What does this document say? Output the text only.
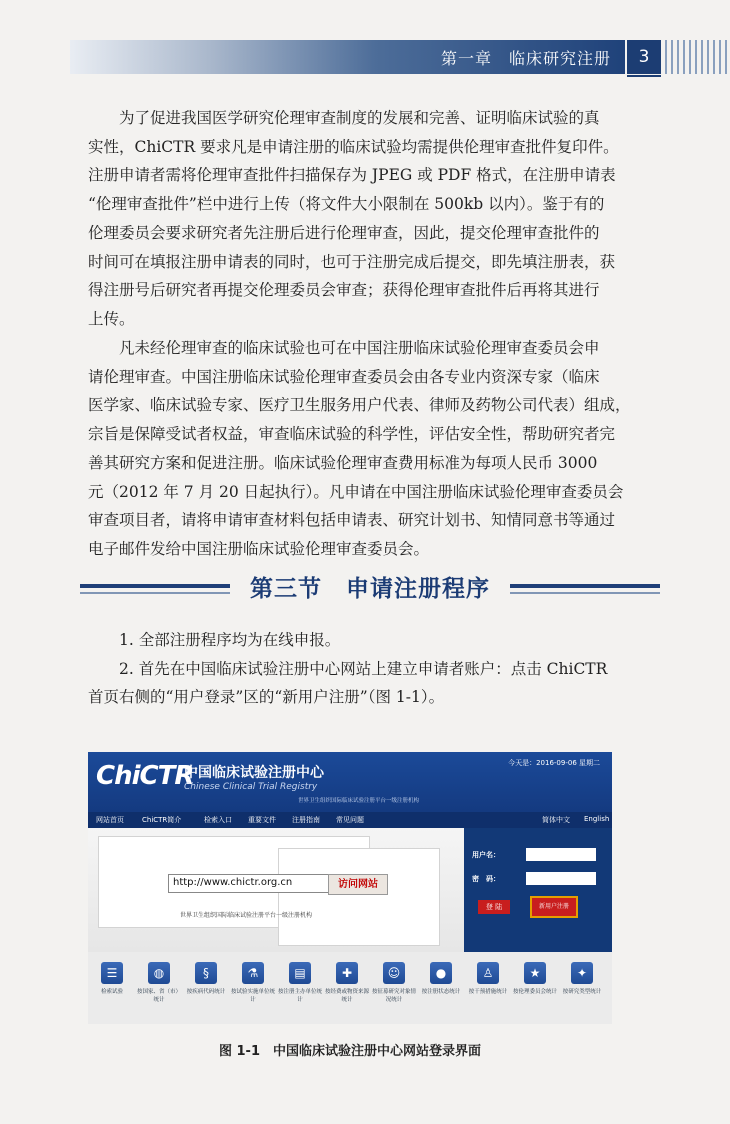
第一章　临床研究注册	3
　　为了促进我国医学研究伦理审查制度的发展和完善、证明临床试验的真
实性，ChiCTR 要求凡是申请注册的临床试验均需提供伦理审查批件复印件。
注册申请者需将伦理审查批件扫描保存为 JPEG 或 PDF 格式，在注册申请表
“伦理审查批件”栏中进行上传（将文件大小限制在 500kb 以内）。鉴于有的
伦理委员会要求研究者先注册后进行伦理审查，因此，提交伦理审查批件的
时间可在填报注册申请表的同时，也可于注册完成后提交，即先填注册表，获
得注册号后研究者再提交伦理委员会审查；获得伦理审查批件后再将其进行
上传。
　　凡未经伦理审查的临床试验也可在中国注册临床试验伦理审查委员会申
请伦理审查。中国注册临床试验伦理审查委员会由各专业内资深专家（临床
医学家、临床试验专家、医疗卫生服务用户代表、律师及药物公司代表）组成，
宗旨是保障受试者权益，审查临床试验的科学性，评估安全性，帮助研究者完
善其研究方案和促进注册。临床试验伦理审查费用标准为每项人民币 3000
元（2012 年 7 月 20 日起执行）。凡申请在中国注册临床试验伦理审查委员会
审查项目者，请将申请审查材料包括申请表、研究计划书、知情同意书等通过
电子邮件发给中国注册临床试验伦理审查委员会。
第三节　申请注册程序
　　1. 全部注册程序均为在线申报。
　　2. 首先在中国临床试验注册中心网站上建立申请者账户：点击 ChiCTR
首页右侧的“用户登录”区的“新用户注册”（图 1-1）。
ChiCTR
中国临床试验注册中心
Chinese Clinical Trial Registry
世界卫生组织国际临床试验注册平台一级注册机构
今天是：2016-09-06 星期二
网站首页	ChiCTR简介	检索入口 重要文件 注册指南 常见问题	简体中文 English
http://www.chictr.org.cn	访问网站
世界卫生组织国际临床试验注册平台一级注册机构
用户名：
密　码：
登 陆	新用户注册
☰
检索试验
◍
按国家、省（市）统计
§
按疾病代码统计
⚗
按试验实施单位统计
▤
按注册主办单位统计
✚
按经费或物资来源统计
☺
按征募研究对象情况统计
●
按注册状态统计
♙
按干预措施统计
★
按伦理委员会统计
✦
按研究类型统计
图 1-1　中国临床试验注册中心网站登录界面
